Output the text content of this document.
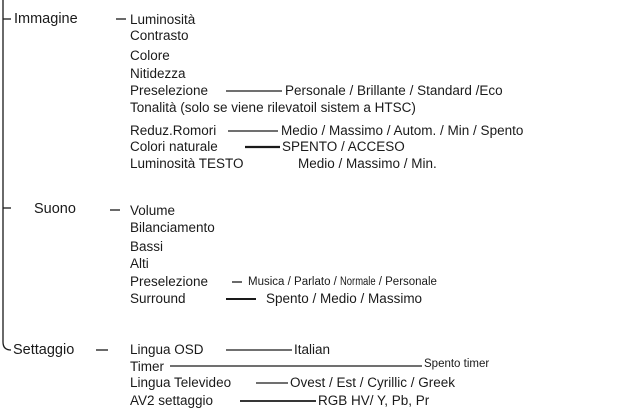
Immagine	Luminosità
Contrasto
Colore
Nitidezza
Preselezione	Personale / Brillante / Standard /Eco
Tonalità (solo se viene rilevatoil sistem a HTSC)
Reduz.Romori	Medio / Massimo / Autom. / Min / Spento
Colori naturale	SPENTO / ACCESO
Luminosità TESTO	Medio / Massimo / Min.
Suono	Volume
Bilanciamento
Bassi
Alti
Preselezione	Musica / Parlato / Normale / Personale
Surround	Spento / Medio / Massimo
Settaggio	Lingua OSD	Italian
Timer	Spento timer
Lingua Televideo	Ovest / Est / Cyrillic / Greek
AV2 settaggio	RGB HV/ Y, Pb, Pr
